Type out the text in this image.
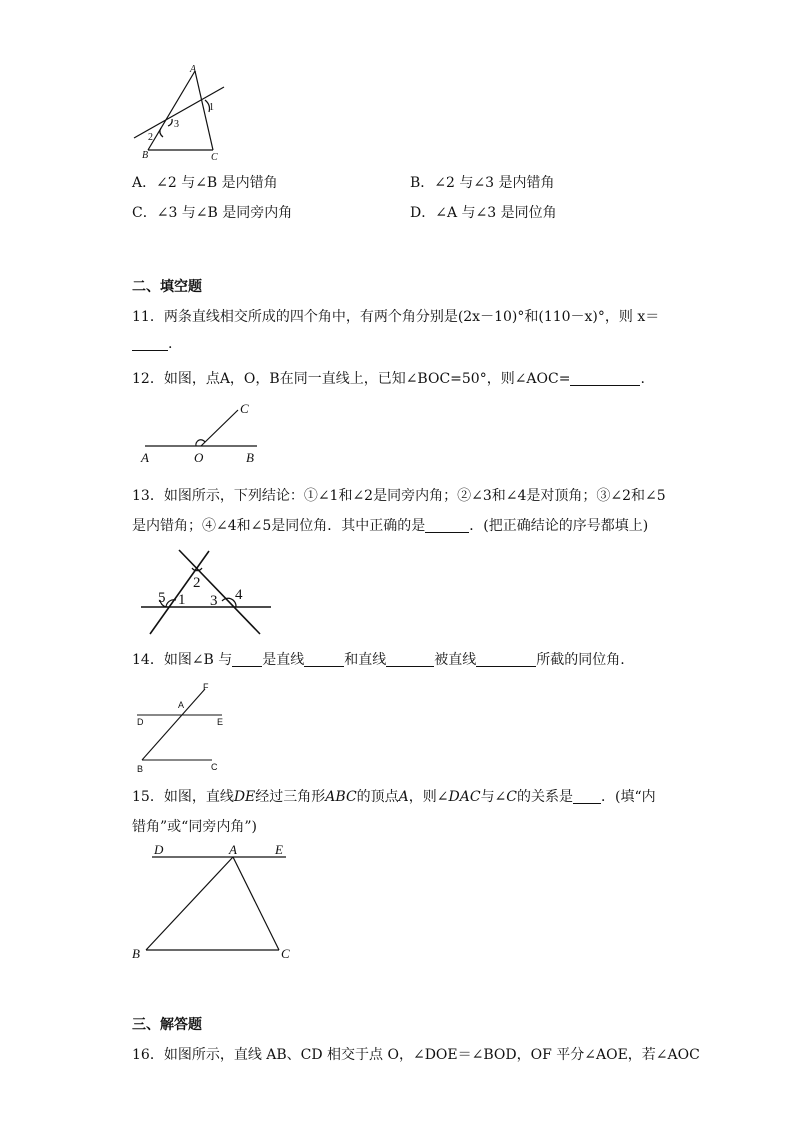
A
B	C
1
2
3
A．∠2 与∠B 是内错角	B．∠2 与∠3 是内错角
C．∠3 与∠B 是同旁内角	D．∠A 与∠3 是同位角
二、填空题
11．两条直线相交所成的四个角中，有两个角分别是(2x－10)°和(110－x)°，则 x＝
.
12．如图，点A，O，B在同一直线上，已知∠BOC=50°，则∠AOC=	.
A	O	B
C
13．如图所示，下列结论：①∠1和∠2是同旁内角；②∠3和∠4是对顶角；③∠2和∠5
是内错角；④∠4和∠5是同位角．其中正确的是	．(把正确结论的序号都填上)
5 1
2
3 4
14．如图∠B 与 是直线	和直线	被直线	所截的同位角.
F
A
D	E
B	C
15．如图，直线DE经过三角形ABC的顶点A，则∠DAC与∠C的关系是 ．(填“内
错角”或“同旁内角”)
D	A	E
B	C
三、解答题
16．如图所示，直线 AB、CD 相交于点 O，∠DOE＝∠BOD，OF 平分∠AOE，若∠AOC
